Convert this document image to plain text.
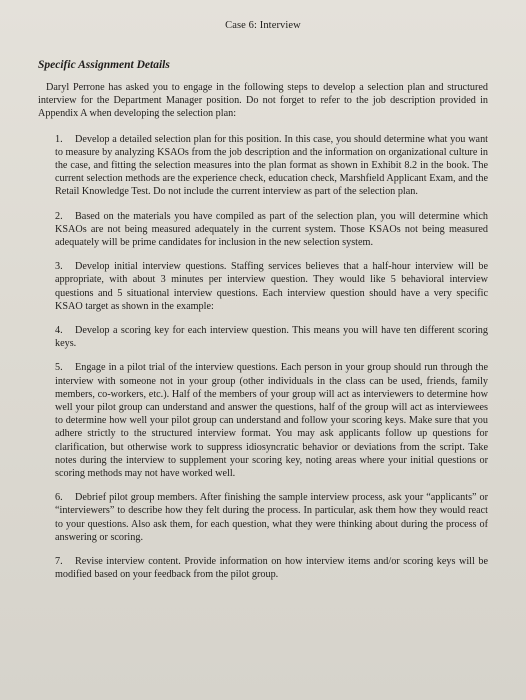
Case 6: Interview
Specific Assignment Details

Daryl Perrone has asked you to engage in the following steps to develop a selection plan and structured interview for the Department Manager position. Do not forget to refer to the job description provided in Appendix A when developing the selection plan:

1. Develop a detailed selection plan for this position. In this case, you should determine what you want to measure by analyzing KSAOs from the job description and the information on organizational culture in the case, and fitting the selection measures into the plan format as shown in Exhibit 8.2 in the book. The current selection methods are the experience check, education check, Marshfield Applicant Exam, and the Retail Knowledge Test. Do not include the current interview as part of the selection plan.

2. Based on the materials you have compiled as part of the selection plan, you will determine which KSAOs are not being measured adequately in the current system. Those KSAOs not being measured adequately will be prime candidates for inclusion in the new selection system.

3. Develop initial interview questions. Staffing services believes that a half-hour interview will be appropriate, with about 3 minutes per interview question. They would like 5 behavioral interview questions and 5 situational interview questions. Each interview question should have a very specific KSAO target as shown in the example:

4. Develop a scoring key for each interview question. This means you will have ten different scoring keys.

5. Engage in a pilot trial of the interview questions. Each person in your group should run through the interview with someone not in your group (other individuals in the class can be used, friends, family members, co-workers, etc.). Half of the members of your group will act as interviewers to determine how well your pilot group can understand and answer the questions, half of the group will act as interviewees to determine how well your pilot group can understand and follow your scoring keys. Make sure that you adhere strictly to the structured interview format. You may ask applicants follow up questions for clarification, but otherwise work to suppress idiosyncratic behavior or deviations from the script. Take notes during the interview to supplement your scoring key, noting areas where your initial questions or scoring methods may not have worked well.

6. Debrief pilot group members. After finishing the sample interview process, ask your “applicants” or “interviewers” to describe how they felt during the process. In particular, ask them how they would react to your questions. Also ask them, for each question, what they were thinking about during the process of answering or scoring.

7. Revise interview content. Provide information on how interview items and/or scoring keys will be modified based on your feedback from the pilot group.
